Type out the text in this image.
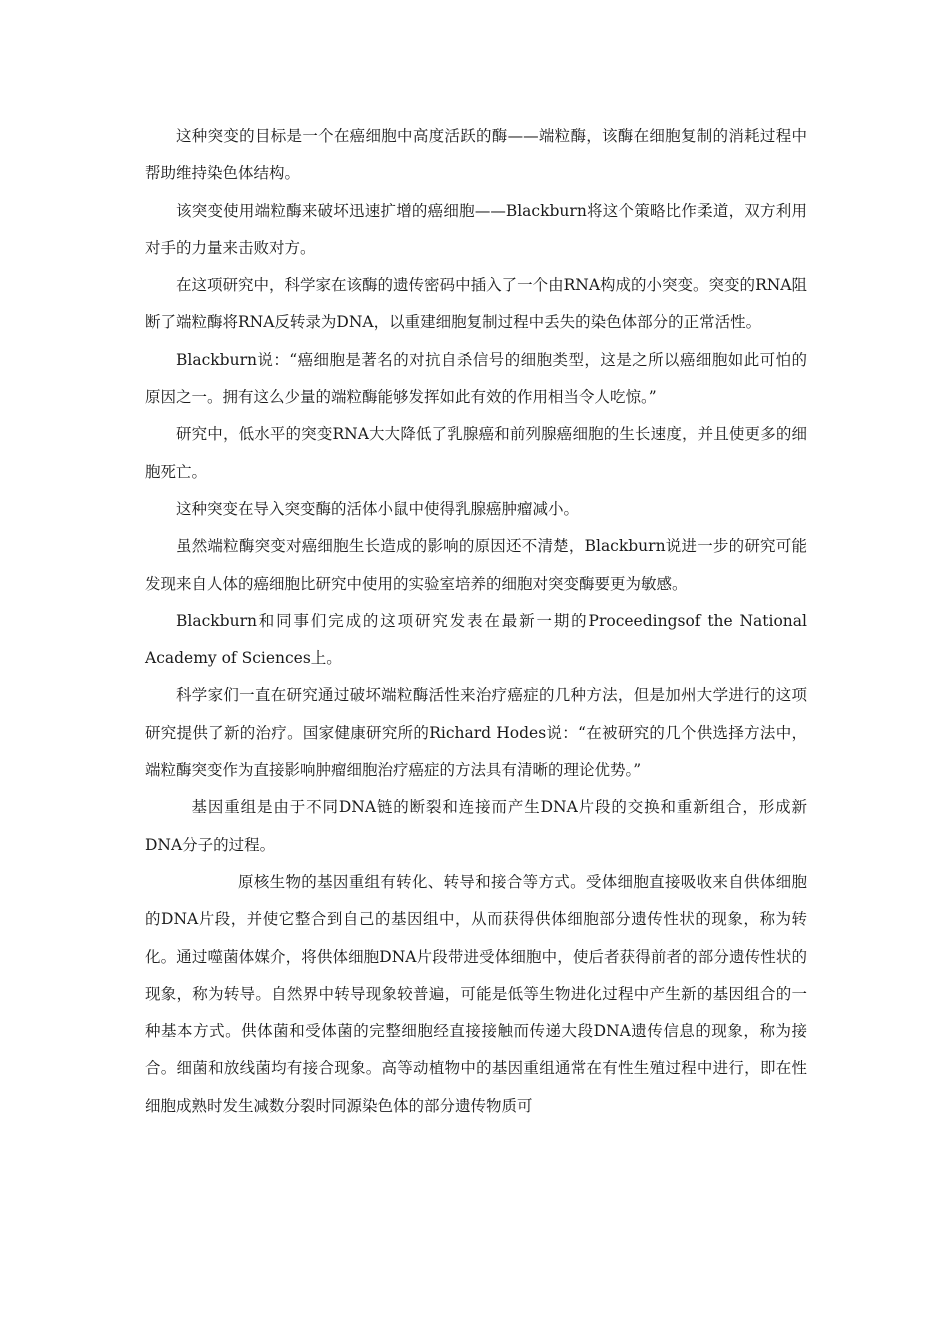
这种突变的目标是一个在癌细胞中高度活跃的酶——端粒酶，该酶在细胞复制的消耗过程中帮助维持染色体结构。

该突变使用端粒酶来破坏迅速扩增的癌细胞——Blackburn将这个策略比作柔道，双方利用对手的力量来击败对方。

在这项研究中，科学家在该酶的遗传密码中插入了一个由RNA构成的小突变。突变的RNA阻断了端粒酶将RNA反转录为DNA，以重建细胞复制过程中丢失的染色体部分的正常活性。

Blackburn说：“癌细胞是著名的对抗自杀信号的细胞类型，这是之所以癌细胞如此可怕的原因之一。拥有这么少量的端粒酶能够发挥如此有效的作用相当令人吃惊。”

研究中，低水平的突变RNA大大降低了乳腺癌和前列腺癌细胞的生长速度，并且使更多的细胞死亡。

这种突变在导入突变酶的活体小鼠中使得乳腺癌肿瘤减小。

虽然端粒酶突变对癌细胞生长造成的影响的原因还不清楚，Blackburn说进一步的研究可能发现来自人体的癌细胞比研究中使用的实验室培养的细胞对突变酶要更为敏感。

Blackburn和同事们完成的这项研究发表在最新一期的Proceedingsof the National Academy of Sciences上。

科学家们一直在研究通过破坏端粒酶活性来治疗癌症的几种方法，但是加州大学进行的这项研究提供了新的治疗。国家健康研究所的Richard Hodes说：“在被研究的几个供选择方法中，端粒酶突变作为直接影响肿瘤细胞治疗癌症的方法具有清晰的理论优势。”

基因重组是由于不同DNA链的断裂和连接而产生DNA片段的交换和重新组合，形成新DNA分子的过程。

原核生物的基因重组有转化、转导和接合等方式。受体细胞直接吸收来自供体细胞的DNA片段，并使它整合到自己的基因组中，从而获得供体细胞部分遗传性状的现象，称为转化。通过噬菌体媒介，将供体细胞DNA片段带进受体细胞中，使后者获得前者的部分遗传性状的现象，称为转导。自然界中转导现象较普遍，可能是低等生物进化过程中产生新的基因组合的一种基本方式。供体菌和受体菌的完整细胞经直接接触而传递大段DNA遗传信息的现象，称为接合。细菌和放线菌均有接合现象。高等动植物中的基因重组通常在有性生殖过程中进行，即在性细胞成熟时发生减数分裂时同源染色体的部分遗传物质可
